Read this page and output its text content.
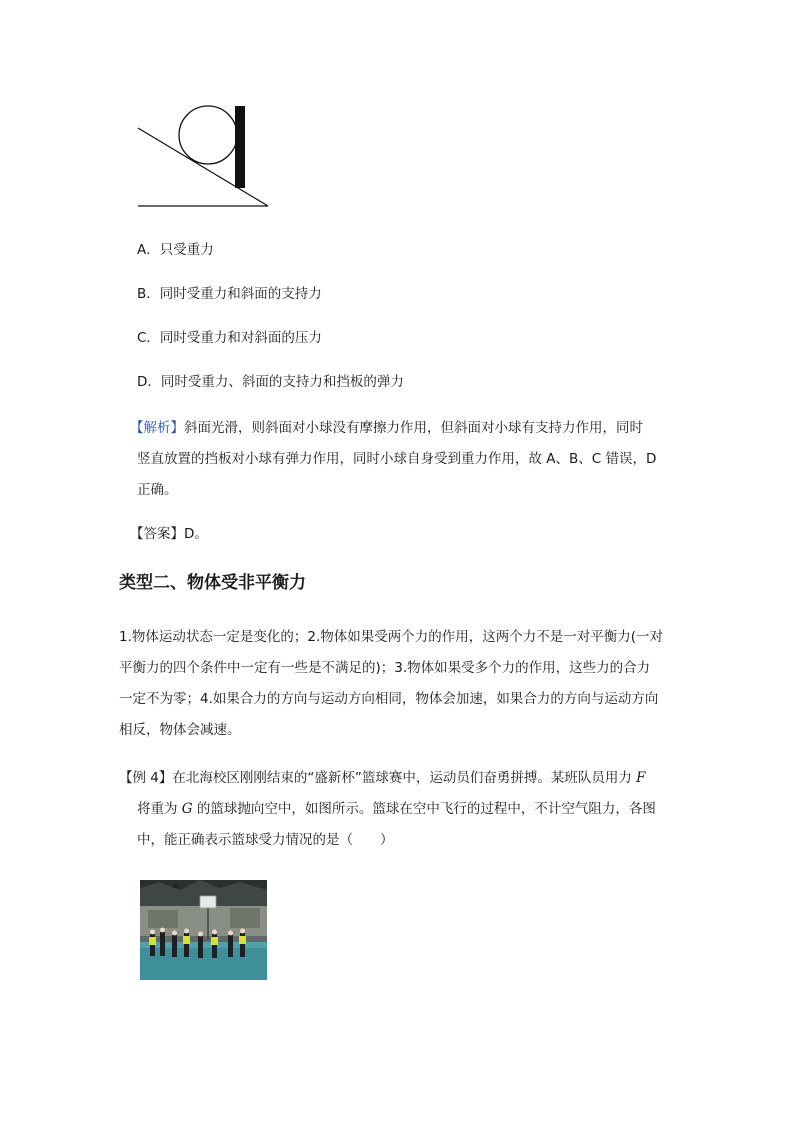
A．只受重力
B．同时受重力和斜面的支持力
C．同时受重力和对斜面的压力
D．同时受重力、斜面的支持力和挡板的弹力
【解析】斜面光滑，则斜面对小球没有摩擦力作用，但斜面对小球有支持力作用，同时
竖直放置的挡板对小球有弹力作用，同时小球自身受到重力作用，故 A、B、C 错误，D
正确。
【答案】D。
类型二、物体受非平衡力
1.物体运动状态一定是变化的；2.物体如果受两个力的作用，这两个力不是一对平衡力(一对
平衡力的四个条件中一定有一些是不满足的)；3.物体如果受多个力的作用，这些力的合力
一定不为零；4.如果合力的方向与运动方向相同，物体会加速，如果合力的方向与运动方向
相反，物体会减速。
【例 4】在北海校区刚刚结束的“盛新杯”篮球赛中，运动员们奋勇拼搏。某班队员用力 F
将重为 G 的篮球抛向空中，如图所示。篮球在空中飞行的过程中，不计空气阻力，各图
中，能正确表示篮球受力情况的是（　　）
